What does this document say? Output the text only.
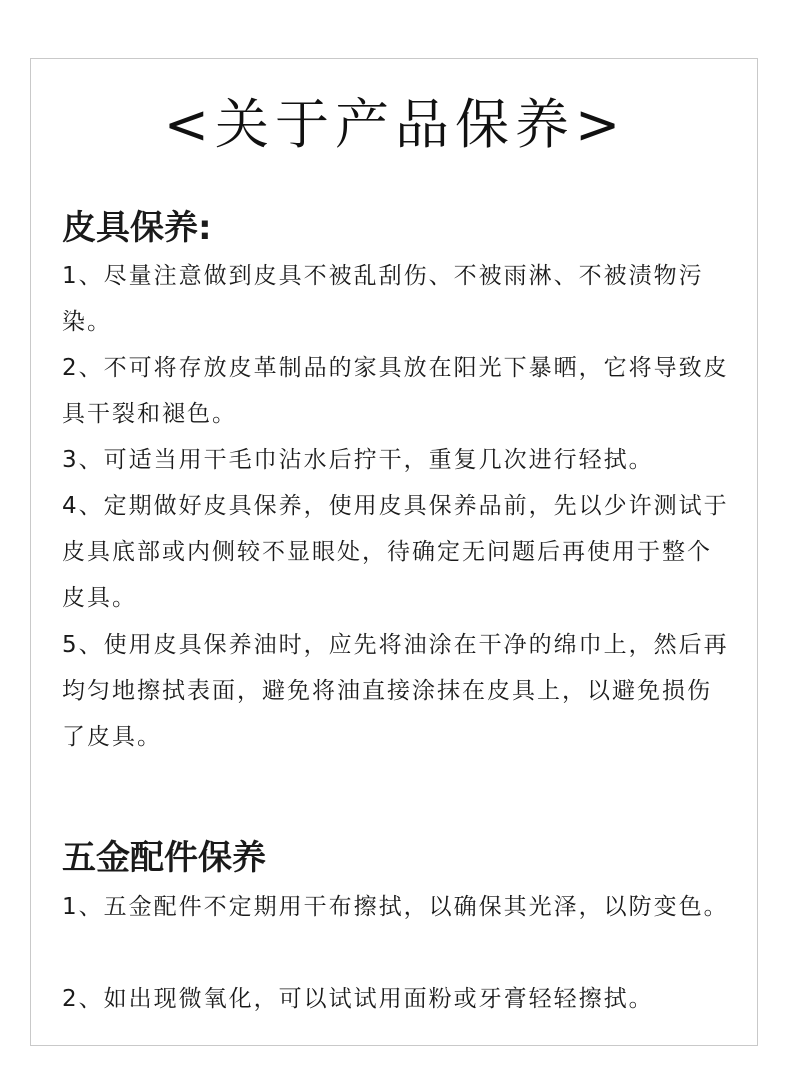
<关于产品保养>
皮具保养:
1、尽量注意做到皮具不被乱刮伤、不被雨淋、不被渍物污染。
2、不可将存放皮革制品的家具放在阳光下暴晒，它将导致皮具干裂和褪色。
3、可适当用干毛巾沾水后拧干，重复几次进行轻拭。
4、定期做好皮具保养，使用皮具保养品前，先以少许测试于皮具底部或内侧较不显眼处，待确定无问题后再使用于整个皮具。
5、使用皮具保养油时，应先将油涂在干净的绵巾上，然后再均匀地擦拭表面，避免将油直接涂抹在皮具上，以避免损伤了皮具。
五金配件保养
1、五金配件不定期用干布擦拭，以确保其光泽，以防变色。
2、如出现微氧化，可以试试用面粉或牙膏轻轻擦拭。
